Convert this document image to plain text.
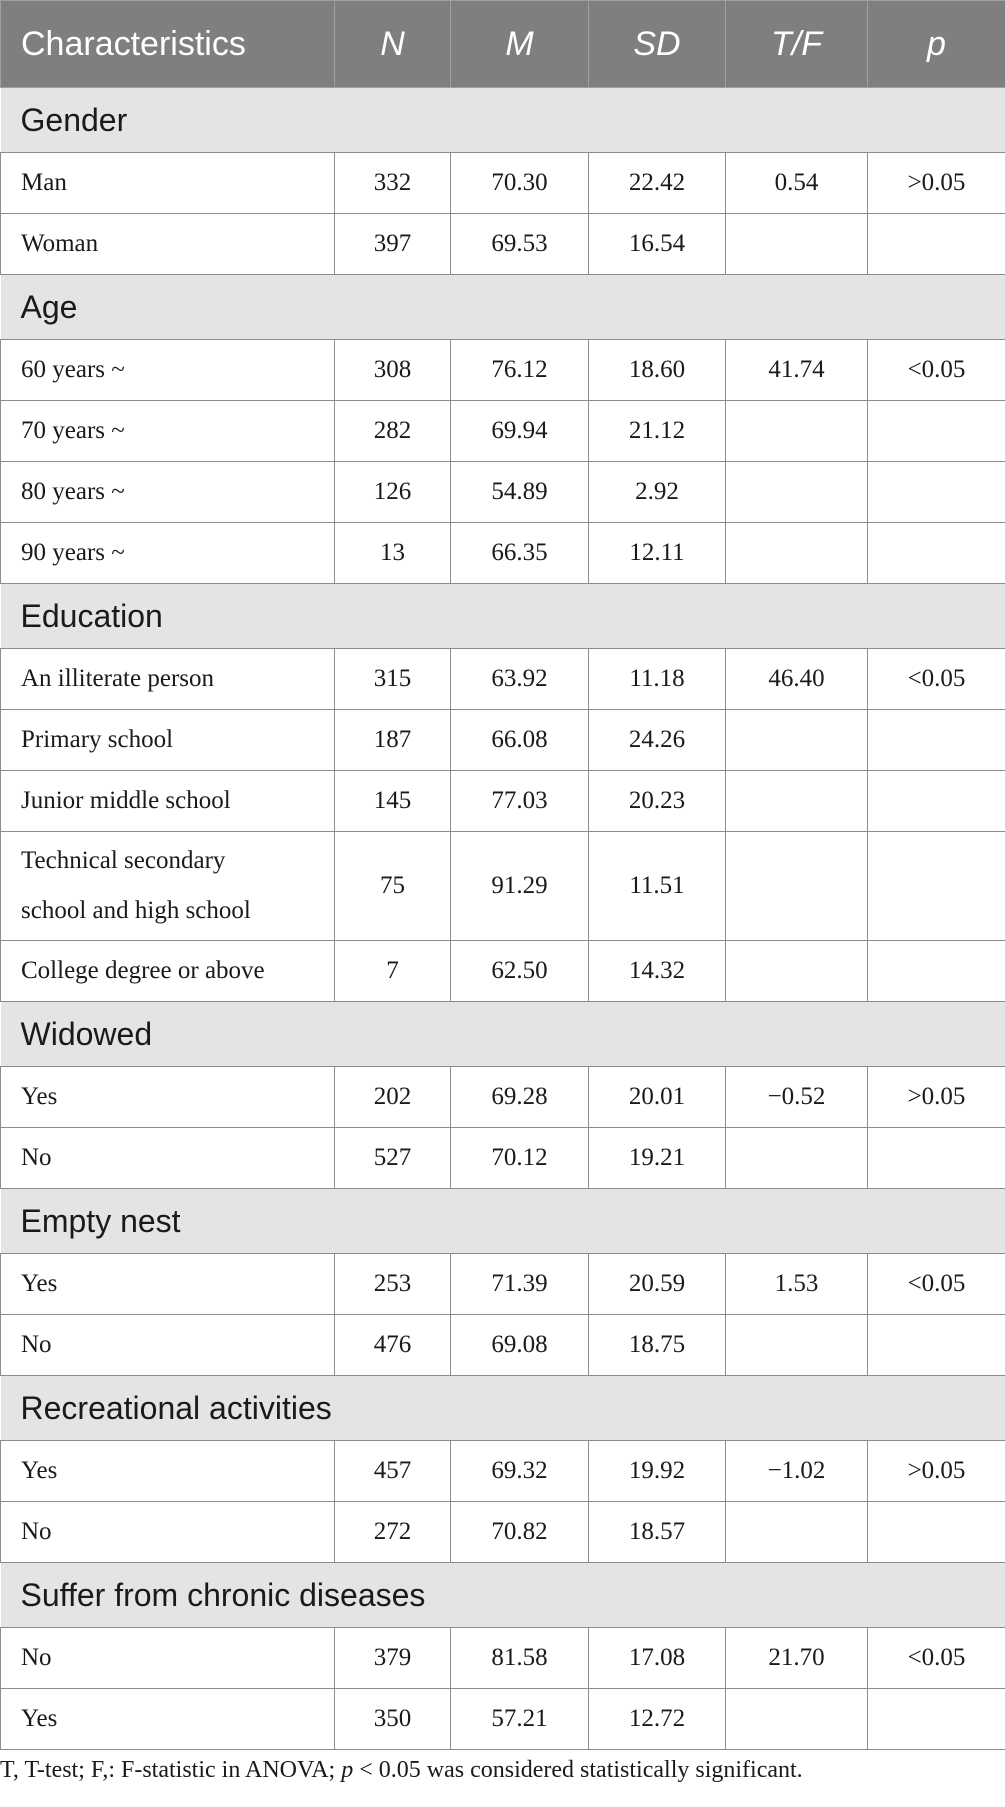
Characteristics	N	M	SD	T/F	p
Gender					
Man	332	70.30	22.42	0.54	>0.05
Woman	397	69.53	16.54		
Age					
60 years ~	308	76.12	18.60	41.74	<0.05
70 years ~	282	69.94	21.12		
80 years ~	126	54.89	2.92		
90 years ~	13	66.35	12.11		
Education					
An illiterate person	315	63.92	11.18	46.40	<0.05
Primary school	187	66.08	24.26		
Junior middle school	145	77.03	20.23		
Technical secondary school and high school	75	91.29	11.51		
College degree or above	7	62.50	14.32		
Widowed					
Yes	202	69.28	20.01	−0.52	>0.05
No	527	70.12	19.21		
Empty nest					
Yes	253	71.39	20.59	1.53	<0.05
No	476	69.08	18.75		
Recreational activities					
Yes	457	69.32	19.92	−1.02	>0.05
No	272	70.82	18.57		
Suffer from chronic diseases					
No	379	81.58	17.08	21.70	<0.05
Yes	350	57.21	12.72		
T, T-test; F,: F-statistic in ANOVA; p < 0.05 was considered statistically significant.
